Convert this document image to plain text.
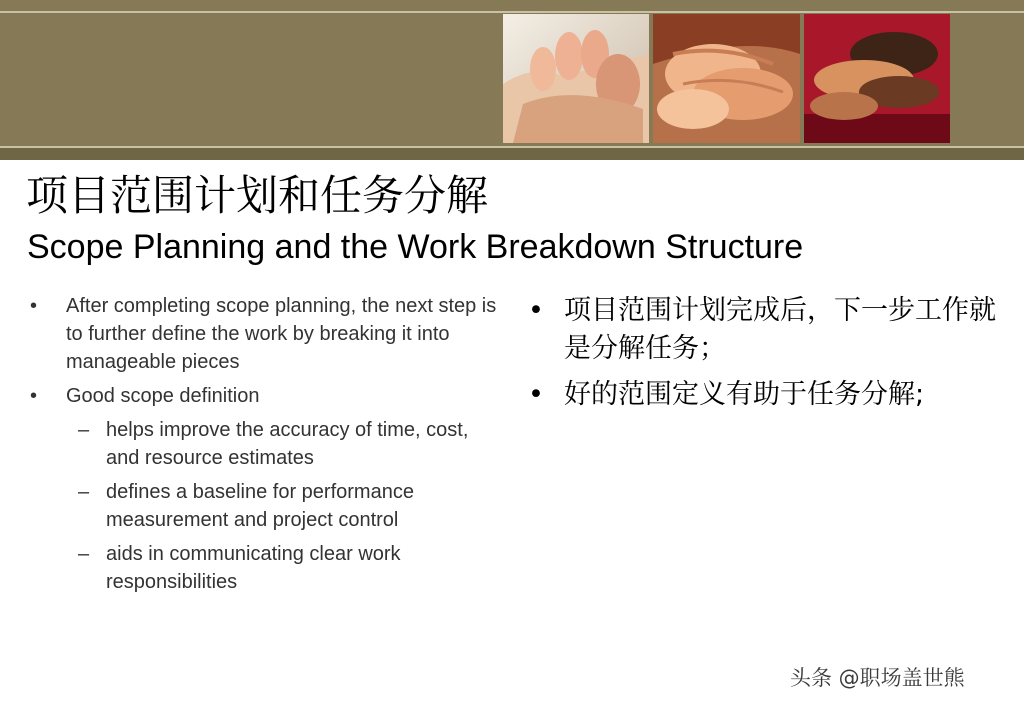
项目范围计划和任务分解
Scope Planning and the Work Breakdown Structure
• After completing scope planning, the next step is to further define the work by breaking it into manageable pieces
• Good scope definition
– helps improve the accuracy of time, cost, and resource estimates
– defines a baseline for performance measurement and project control
– aids in communicating clear work responsibilities
• 项目范围计划完成后，下一步工作就是分解任务；
• 好的范围定义有助于任务分解;
头条 @职场盖世熊
